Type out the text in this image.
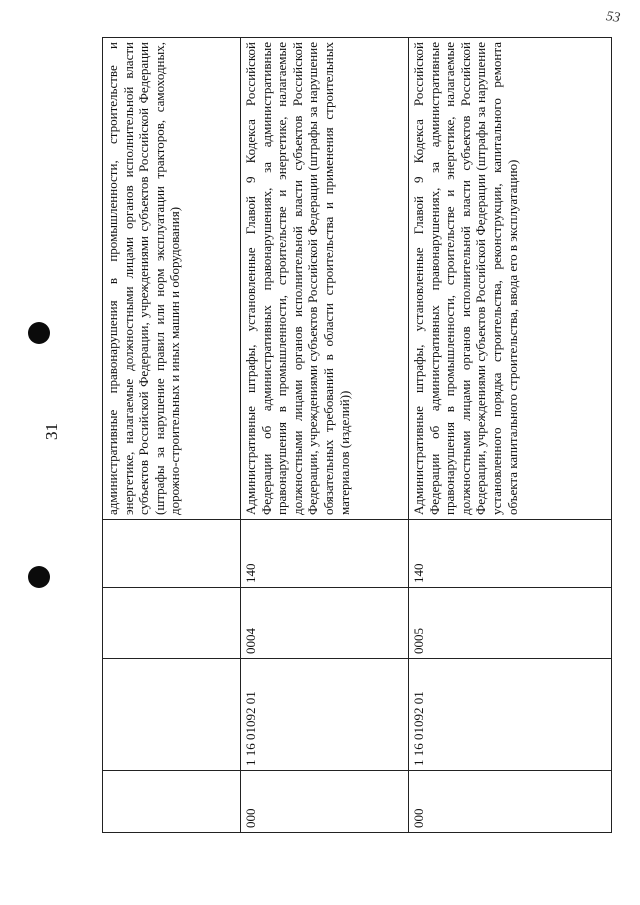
31
53
				административные правонарушения в промышленности, строительстве и энергетике, налагаемые должностными лицами органов исполнительной власти субъектов Российской Федерации, учреждениями субъектов Российской Федерации (штрафы за нарушение правил или норм эксплуатации тракторов, самоходных, дорожно-строительных и иных машин и оборудования)
000	1 16 01092 01	0004	140	Административные штрафы, установленные Главой 9 Кодекса Российской Федерации об административных правонарушениях, за административные правонарушения в промышленности, строительстве и энергетике, налагаемые должностными лицами органов исполнительной власти субъектов Российской Федерации, учреждениями субъектов Российской Федерации (штрафы за нарушение обязательных требований в области строительства и применения строительных материалов (изделий))
000	1 16 01092 01	0005	140	Административные штрафы, установленные Главой 9 Кодекса Российской Федерации об административных правонарушениях, за административные правонарушения в промышленности, строительстве и энергетике, налагаемые должностными лицами органов исполнительной власти субъектов Российской Федерации, учреждениями субъектов Российской Федерации (штрафы за нарушение установленного порядка строительства, реконструкции, капитального ремонта объекта капитального строительства, ввода его в эксплуатацию)
